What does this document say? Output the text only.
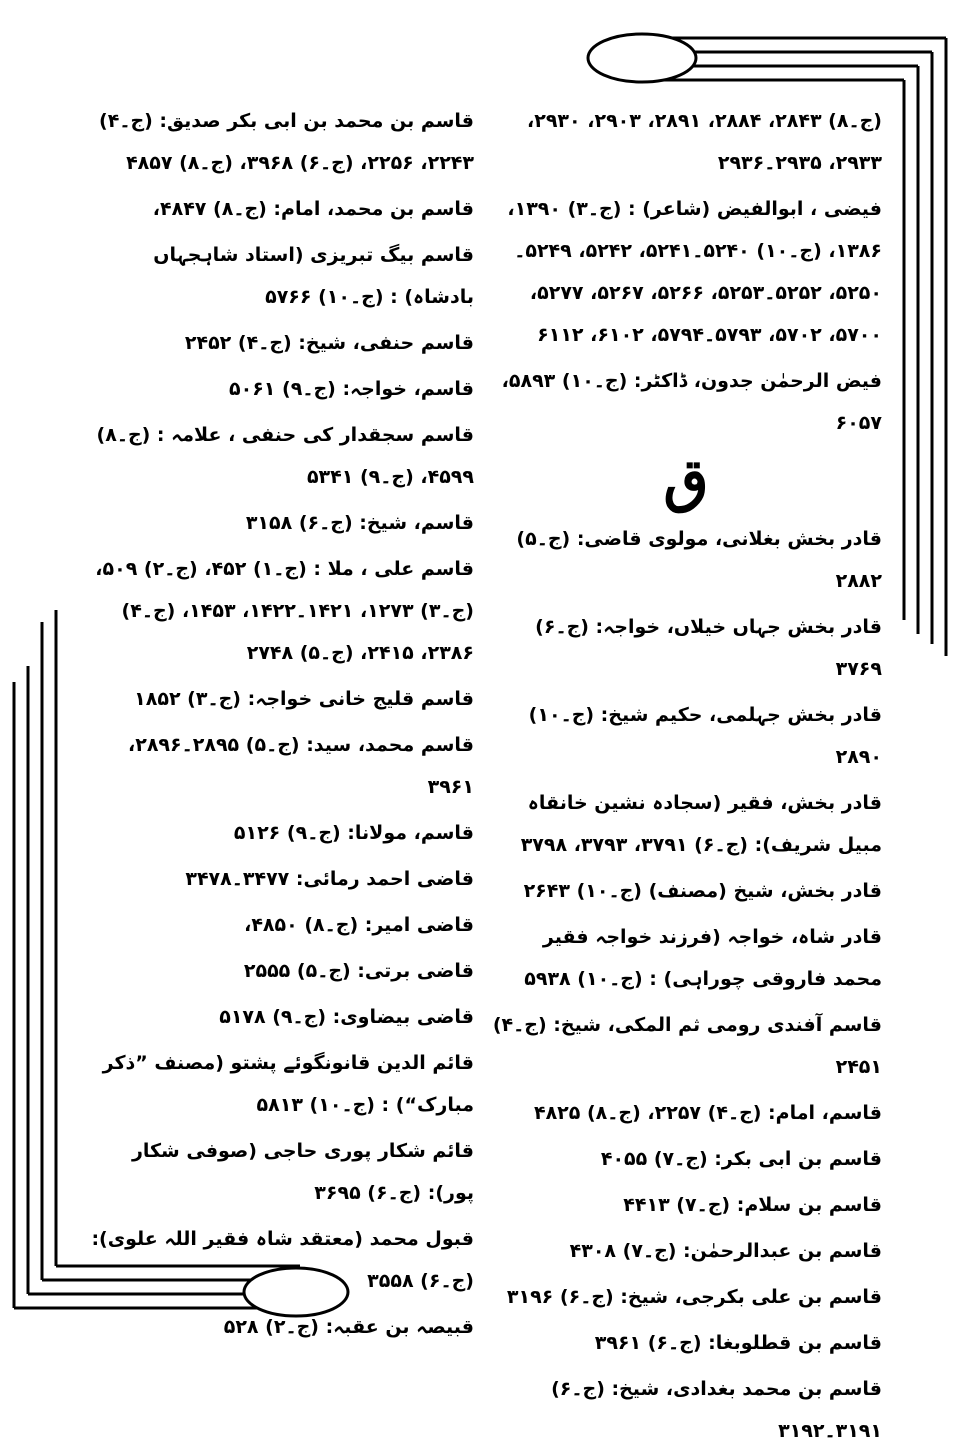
(ج۔۸) ۲۸۴۳، ۲۸۸۴، ۲۸۹۱، ۲۹۰۳، ۲۹۳۰، ۲۹۳۳، ۲۹۳۵۔۲۹۳۶

فیضی ، ابوالفیض (شاعر) : (ج۔۳) ۱۳۹۰، ۱۳۸۶، (ج۔۱۰) ۵۲۴۰۔۵۲۴۱، ۵۲۴۲، ۵۲۴۹۔۵۲۵۰، ۵۲۵۲۔۵۲۵۳، ۵۲۶۶، ۵۲۶۷، ۵۲۷۷، ۵۷۰۰، ۵۷۰۲، ۵۷۹۳۔۵۷۹۴، ۶۱۰۲، ۶۱۱۲

فیض الرحمٰن جدون، ڈاکٹر: (ج۔۱۰) ۵۸۹۳، ۶۰۵۷

ق

قادر بخش بغلانی، مولوی قاضی: (ج۔۵) ۲۸۸۲

قادر بخش جہاں خیلاں، خواجہ: (ج۔۶) ۳۷۶۹

قادر بخش جہلمی، حکیم شیخ: (ج۔۱۰) ۲۸۹۰

قادر بخش، فقیر (سجادہ نشین خانقاہ مبیل شریف): (ج۔۶) ۳۷۹۱، ۳۷۹۳، ۳۷۹۸

قادر بخش، شیخ (مصنف) (ج۔۱۰) ۲۶۴۳

قادر شاہ، خواجہ (فرزند خواجہ فقیر محمد فاروقی چوراہی) : (ج۔۱۰) ۵۹۳۸

قاسم آفندی رومی ثم المکی، شیخ: (ج۔۴) ۲۴۵۱

قاسم، امام: (ج۔۴) ۲۲۵۷، (ج۔۸) ۴۸۲۵

قاسم بن ابی بکر: (ج۔۷) ۴۰۵۵

قاسم بن سلام: (ج۔۷) ۴۴۱۳

قاسم بن عبدالرحمٰن: (ج۔۷) ۴۳۰۸

قاسم بن علی بکرجی، شیخ: (ج۔۶) ۳۱۹۶

قاسم بن قطلوبغا: (ج۔۶) ۳۹۶۱

قاسم بن محمد بغدادی، شیخ: (ج۔۶) ۳۱۹۱۔۳۱۹۲

قاسم بن محمد بن ابی بکر صدیق: (ج۔۴) ۲۲۴۳، ۲۲۵۶، (ج۔۶) ۳۹۶۸، (ج۔۸) ۴۸۵۷

قاسم بن محمد، امام: (ج۔۸) ۴۸۴۷،

قاسم بیگ تبریزی (استاد شاہجہاں بادشاہ) : (ج۔۱۰) ۵۷۶۶

قاسم حنفی، شیخ: (ج۔۴) ۲۴۵۲

قاسم، خواجہ: (ج۔۹) ۵۰۶۱

قاسم سجقدار کی حنفی ، علامہ : (ج۔۸) ۴۵۹۹، (ج۔۹) ۵۳۴۱

قاسم، شیخ: (ج۔۶) ۳۱۵۸

قاسم علی ، ملا : (ج۔۱) ۴۵۲، (ج۔۲) ۵۰۹، (ج۔۳) ۱۲۷۳، ۱۴۲۱۔۱۴۲۲، ۱۴۵۳، (ج۔۴) ۲۳۸۶، ۲۴۱۵، (ج۔۵) ۲۷۴۸

قاسم قلیج خانی خواجہ: (ج۔۳) ۱۸۵۲

قاسم محمد، سید: (ج۔۵) ۲۸۹۵۔۲۸۹۶، ۳۹۶۱

قاسم، مولانا: (ج۔۹) ۵۱۲۶

قاضی احمد رمائی: ۳۴۷۷۔۳۴۷۸

قاضی امیر: (ج۔۸) ۴۸۵۰،

قاضی برتی: (ج۔۵) ۲۵۵۵

قاضی بیضاوی: (ج۔۹) ۵۱۷۸

قائم الدین قانونگوئے پشتو (مصنف ”ذکر مبارک“) : (ج۔۱۰) ۵۸۱۳

قائم شکار پوری حاجی (صوفی شکار پور): (ج۔۶) ۳۶۹۵

قبول محمد (معتقد شاہ فقیر اللہ علوی): (ج۔۶) ۳۵۵۸

قبیصہ بن عقبہ: (ج۔۲) ۵۲۸
